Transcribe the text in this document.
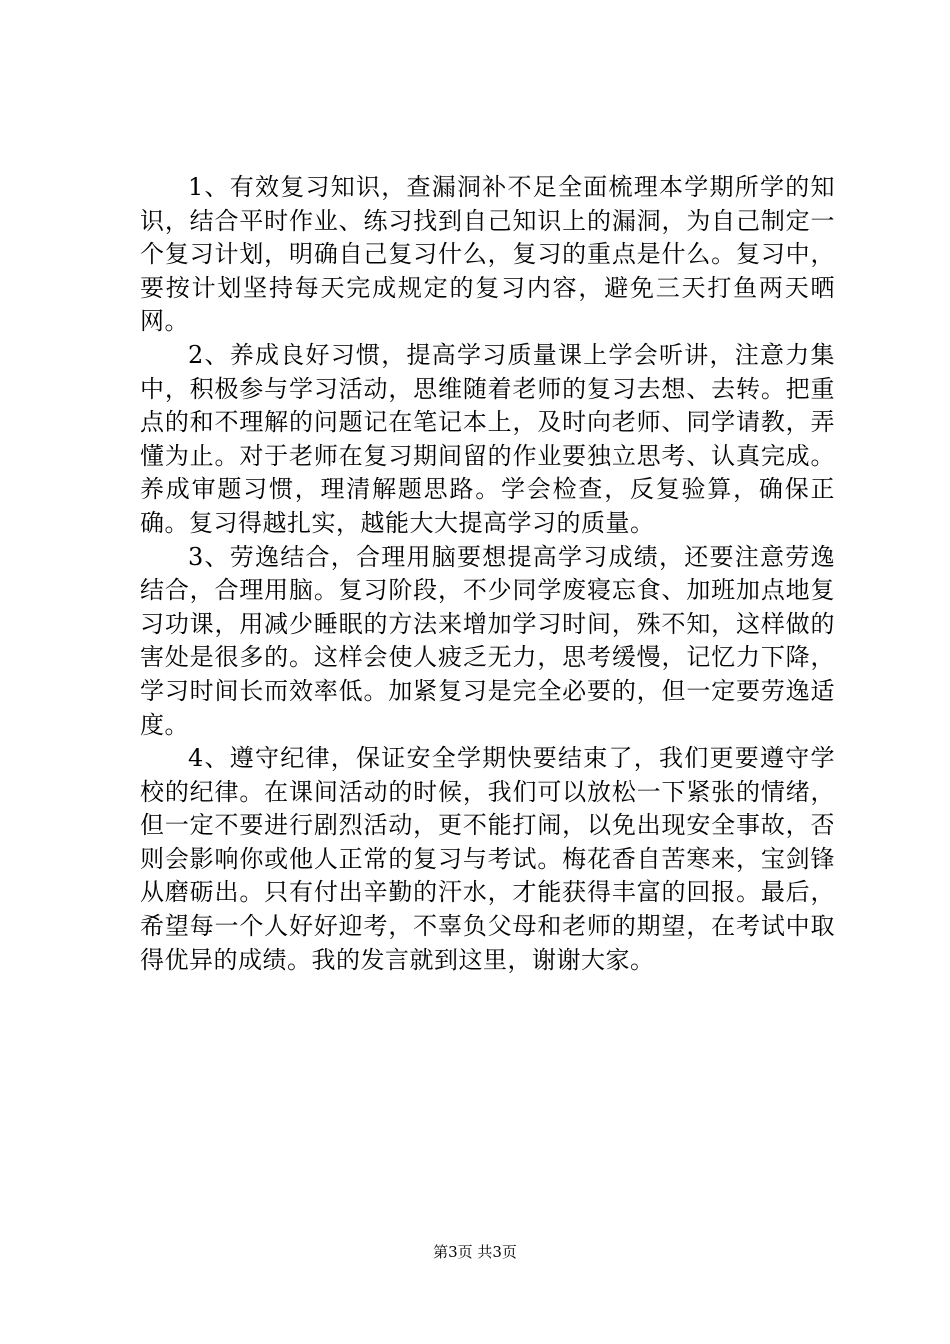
1、有效复习知识，查漏洞补不足全面梳理本学期所学的知识，结合平时作业、练习找到自己知识上的漏洞，为自己制定一个复习计划，明确自己复习什么，复习的重点是什么。复习中，要按计划坚持每天完成规定的复习内容，避免三天打鱼两天晒网。

2、养成良好习惯，提高学习质量课上学会听讲，注意力集中，积极参与学习活动，思维随着老师的复习去想、去转。把重点的和不理解的问题记在笔记本上，及时向老师、同学请教，弄懂为止。对于老师在复习期间留的作业要独立思考、认真完成。养成审题习惯，理清解题思路。学会检查，反复验算，确保正确。复习得越扎实，越能大大提高学习的质量。

3、劳逸结合，合理用脑要想提高学习成绩，还要注意劳逸结合，合理用脑。复习阶段，不少同学废寝忘食、加班加点地复习功课，用减少睡眠的方法来增加学习时间，殊不知，这样做的害处是很多的。这样会使人疲乏无力，思考缓慢，记忆力下降，学习时间长而效率低。加紧复习是完全必要的，但一定要劳逸适度。

4、遵守纪律，保证安全学期快要结束了，我们更要遵守学校的纪律。在课间活动的时候，我们可以放松一下紧张的情绪，但一定不要进行剧烈活动，更不能打闹，以免出现安全事故，否则会影响你或他人正常的复习与考试。梅花香自苦寒来，宝剑锋从磨砺出。只有付出辛勤的汗水，才能获得丰富的回报。最后，希望每一个人好好迎考，不辜负父母和老师的期望，在考试中取得优异的成绩。我的发言就到这里，谢谢大家。

第3页 共3页
